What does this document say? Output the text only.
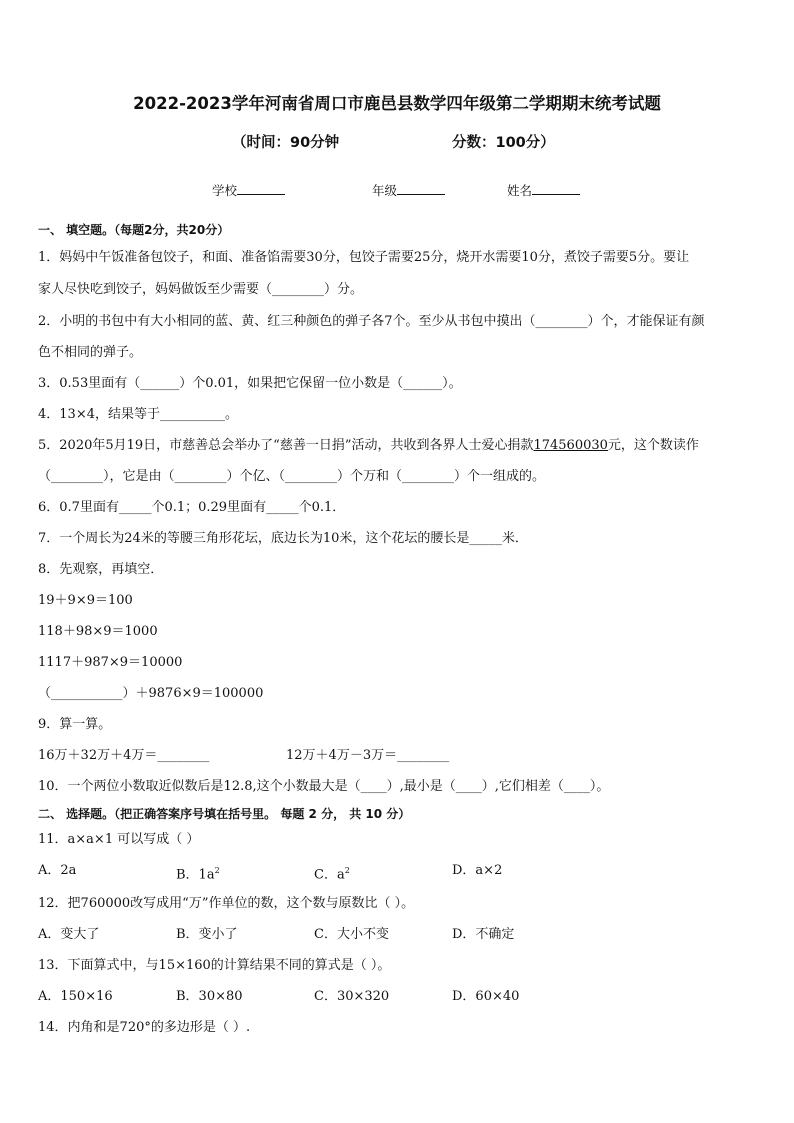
2022-2023学年河南省周口市鹿邑县数学四年级第二学期期末统考试题
（时间：90分钟	分数：100分）
学校	年级	姓名
一、 填空题。（每题2分，共20分）
1．妈妈中午饭准备包饺子，和面、准备馅需要30分，包饺子需要25分，烧开水需要10分，煮饺子需要5分。要让
家人尽快吃到饺子，妈妈做饭至少需要（________）分。
2．小明的书包中有大小相同的蓝、黄、红三种颜色的弹子各7个。至少从书包中摸出（________）个，才能保证有颜
色不相同的弹子。
3．0.53里面有（______）个0.01，如果把它保留一位小数是（______）。
4．13×4，结果等于__________。
5．2020年5月19日，市慈善总会举办了“慈善一日捐”活动，共收到各界人士爱心捐款174560030元，这个数读作
（________），它是由（________）个亿、（________）个万和（________）个一组成的。
6．0.7里面有_____个0.1；0.29里面有_____个0.1．
7．一个周长为24米的等腰三角形花坛，底边长为10米，这个花坛的腰长是_____米．
8．先观察，再填空．
19＋9×9＝100
118＋98×9＝1000
1117＋987×9＝10000
（___________）＋9876×9＝100000
9．算一算。
16万＋32万＋4万＝________	12万＋4万－3万＝________
10．一个两位小数取近似数后是12.8,这个小数最大是（____）,最小是（____）,它们相差（____）。
二、 选择题。（把正确答案序号填在括号里。 每题 2 分， 共 10 分）
11．a×a×1 可以写成（ ）
A．2a	B．$1a^2$	C．$a^2$	D．a×2
12．把760000改写成用“万”作单位的数，这个数与原数比（ ）。
A．变大了	B．变小了	C．大小不变	D．不确定
13．下面算式中，与15×160的计算结果不同的算式是（ ）。
A．150×16	B．30×80	C．30×320	D．60×40
14．内角和是720°的多边形是（ ）.
